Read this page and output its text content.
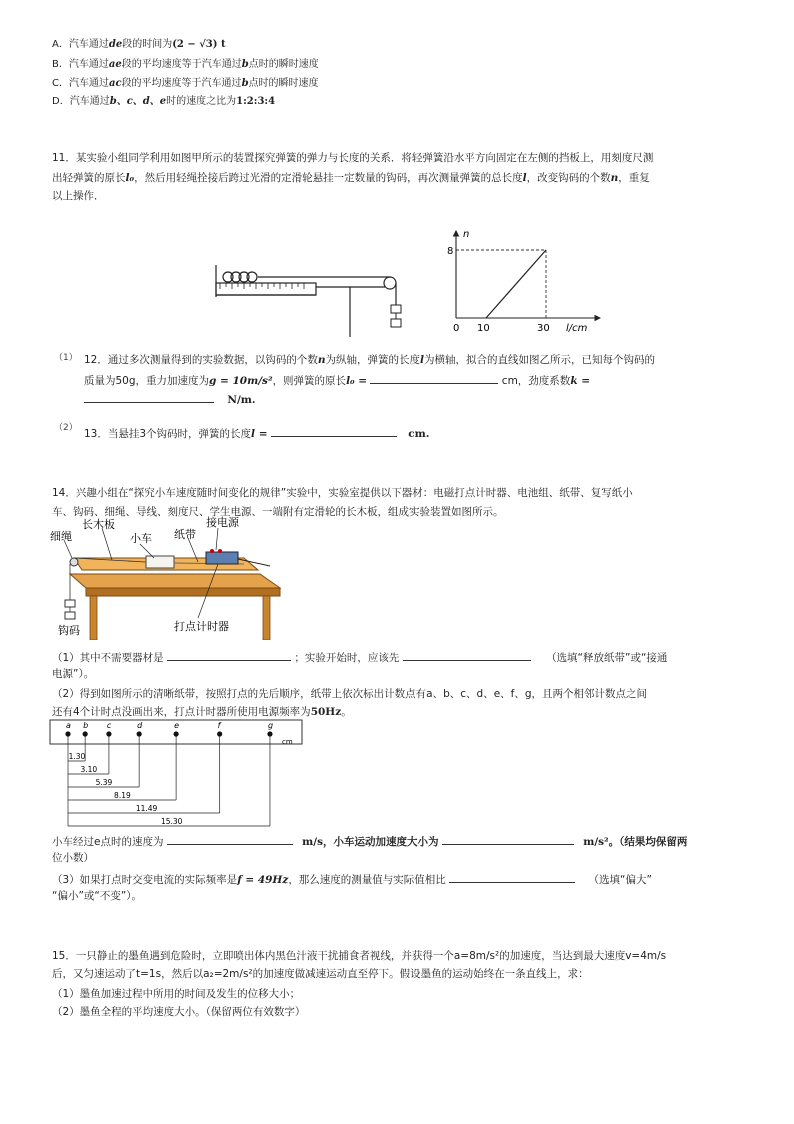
A．汽车通过de段的时间为(2 − √3) t
B．汽车通过ae段的平均速度等于汽车通过b点时的瞬时速度
C．汽车通过ac段的平均速度等于汽车通过b点时的瞬时速度
D．汽车通过b、c、d、e时的速度之比为1:2:3:4
11．某实验小组同学利用如图甲所示的装置探究弹簧的弹力与长度的关系．将轻弹簧沿水平方向固定在左侧的挡板上，用刻度尺测
出轻弹簧的原长l₀，然后用轻绳拴接后跨过光滑的定滑轮悬挂一定数量的钩码，再次测量弹簧的总长度l，改变钩码的个数n，重复
以上操作．
n
l/cm
8
0 10	30
（1） 12．通过多次测量得到的实验数据，以钩码的个数n为纵轴，弹簧的长度l为横轴，拟合的直线如图乙所示，已知每个钩码的
质量为50g，重力加速度为g = 10m/s²，则弹簧的原长l₀ =	cm，劲度系数k =
N/m.
（2） 13．当悬挂3个钩码时，弹簧的长度l =	cm.
14．兴趣小组在“探究小车速度随时间变化的规律”实验中，实验室提供以下器材：电磁打点计时器、电池组、纸带、复写纸小
车、钩码、细绳、导线、刻度尺、学生电源、一端附有定滑轮的长木板，组成实验装置如图所示。
细绳
长木板
小车 纸带
接电源
钩码	打点计时器
（1）其中不需要器材是	；实验开始时，应该先	（选填“释放纸带”或“接通
电源”）。
（2）得到如图所示的清晰纸带，按照打点的先后顺序，纸带上依次标出计数点有a、b、c、d、e、f、g，且两个相邻计数点之间
还有4个计时点没画出来，打点计时器所使用电源频率为50Hz。
a b c	d	e	f	g
1.30
3.10
5.39
8.19
11.49
15.30
cm
小车经过e点时的速度为	m/s，小车运动加速度大小为	m/s²。（结果均保留两
位小数）
（3）如果打点时交变电流的实际频率是f = 49Hz，那么速度的测量值与实际值相比	（选填“偏大”
“偏小”或“不变”）。
15．一只静止的墨鱼遇到危险时，立即喷出体内黑色汁液干扰捕食者视线，并获得一个a=8m/s²的加速度，当达到最大速度v=4m/s
后，又匀速运动了t=1s，然后以a₂=2m/s²的加速度做减速运动直至停下。假设墨鱼的运动始终在一条直线上，求：
（1）墨鱼加速过程中所用的时间及发生的位移大小；
（2）墨鱼全程的平均速度大小。（保留两位有效数字）
